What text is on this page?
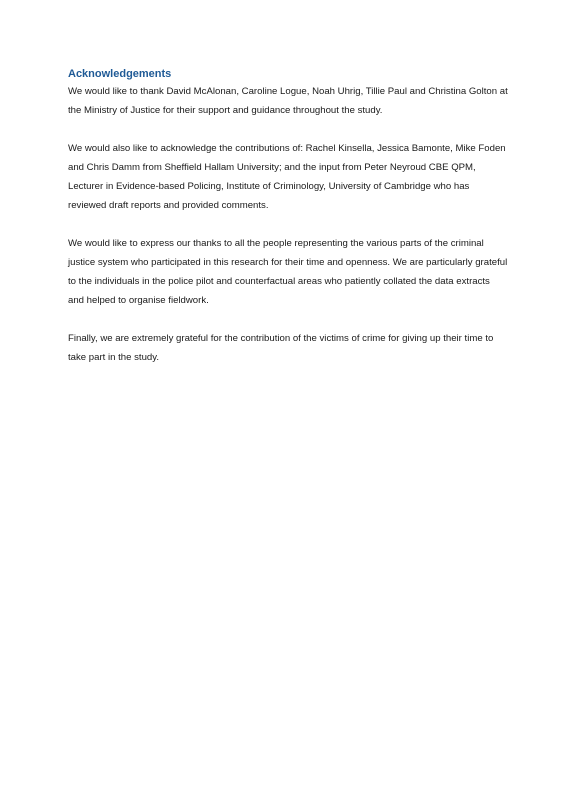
Acknowledgements

We would like to thank David McAlonan, Caroline Logue, Noah Uhrig, Tillie Paul and Christina Golton at the Ministry of Justice for their support and guidance throughout the study.

We would also like to acknowledge the contributions of: Rachel Kinsella, Jessica Bamonte, Mike Foden and Chris Damm from Sheffield Hallam University; and the input from Peter Neyroud CBE QPM, Lecturer in Evidence-based Policing, Institute of Criminology, University of Cambridge who has reviewed draft reports and provided comments.

We would like to express our thanks to all the people representing the various parts of the criminal justice system who participated in this research for their time and openness. We are particularly grateful to the individuals in the police pilot and counterfactual areas who patiently collated the data extracts and helped to organise fieldwork.

Finally, we are extremely grateful for the contribution of the victims of crime for giving up their time to take part in the study.
